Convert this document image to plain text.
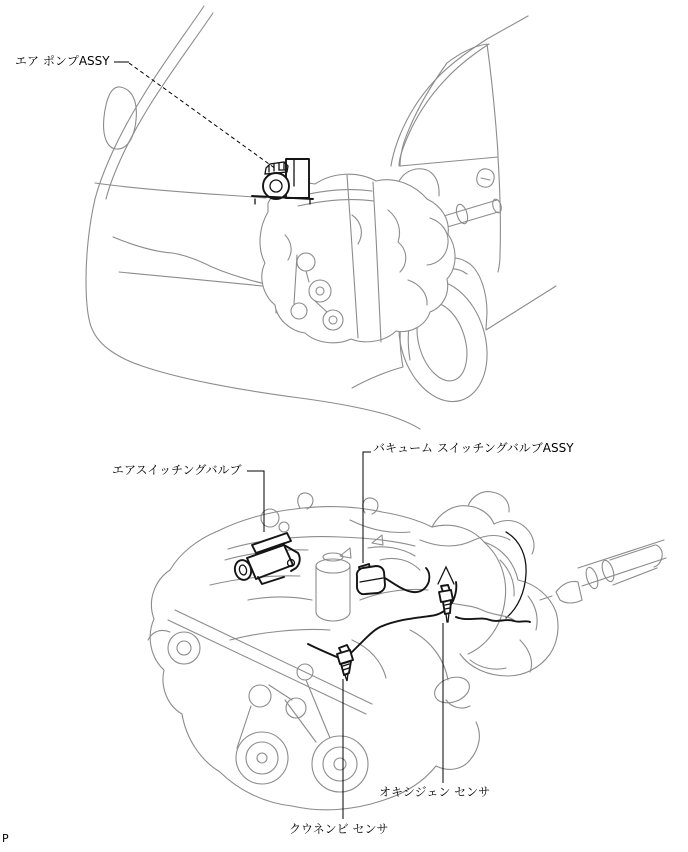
エア ポンプASSY
バキューム スイッチングバルブASSY
エアスイッチングバルブ
オキシジェン センサ
クウネンビ センサ
P
